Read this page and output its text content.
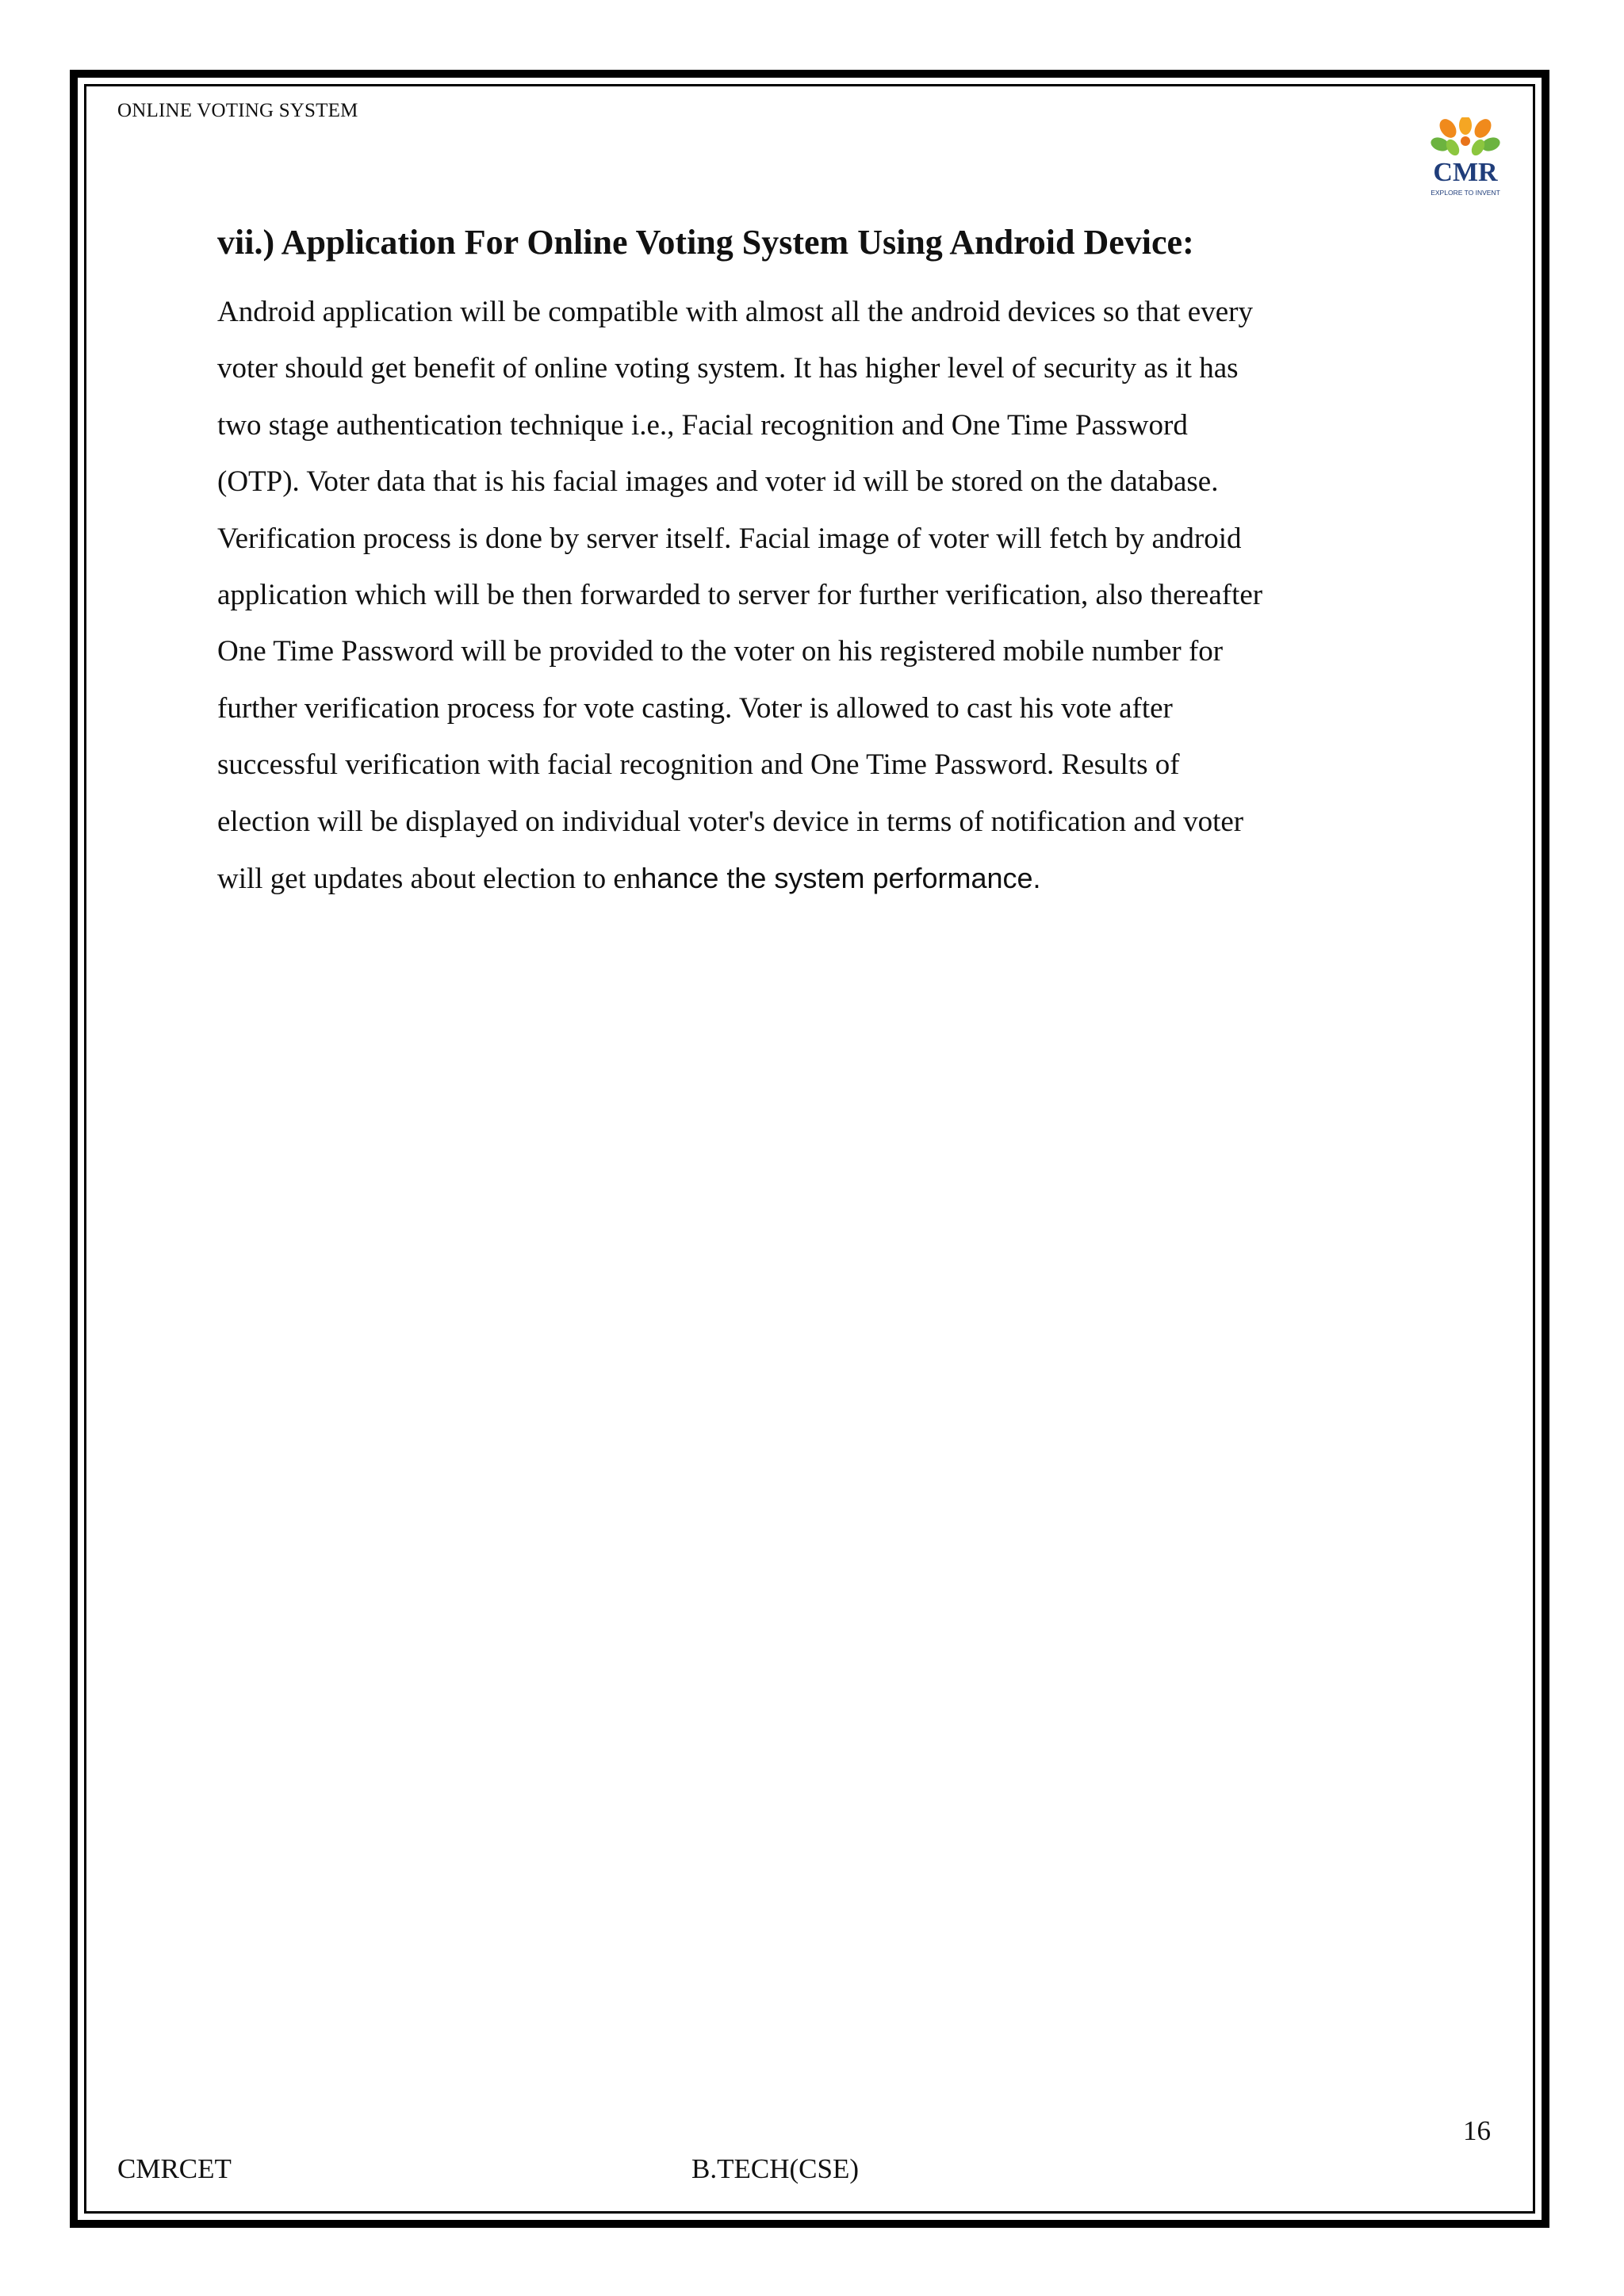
ONLINE VOTING SYSTEM
CMR
EXPLORE TO INVENT
vii.) Application For Online Voting System Using Android Device:
Android application will be compatible with almost all the android devices so that every
voter should get benefit of online voting system. It has higher level of security as it has
two stage authentication technique i.e., Facial recognition and One Time Password
(OTP). Voter data that is his facial images and voter id will be stored on the database.
Verification process is done by server itself. Facial image of voter will fetch by android
application which will be then forwarded to server for further verification, also thereafter
One Time Password will be provided to the voter on his registered mobile number for
further verification process for vote casting. Voter is allowed to cast his vote after
successful verification with facial recognition and One Time Password. Results of
election will be displayed on individual voter's device in terms of notification and voter
will get updates about election to enhance the system performance.
16
CMRCET	B.TECH(CSE)
